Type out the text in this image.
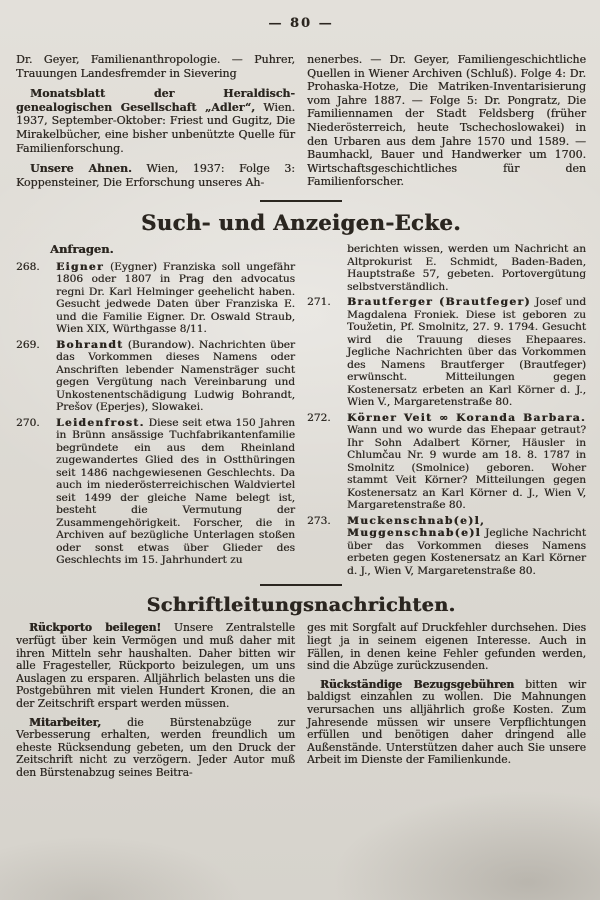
— 80 —

Dr. Geyer, Familienanthropologie. — Puhrer, Trauungen Landesfremder in Sievering

Monatsblatt der Heraldisch-genealogischen Gesellschaft „Adler“, Wien. 1937, September-Oktober: Friest und Gugitz, Die Mirakelbücher, eine bisher unbenützte Quelle für Familienforschung.

Unsere Ahnen. Wien, 1937: Folge 3: Koppensteiner, Die Erforschung unseres Ah-

nenerbes. — Dr. Geyer, Familiengeschichtliche Quellen in Wiener Archiven (Schluß). Folge 4: Dr. Prohaska-Hotze, Die Matriken-Inventarisierung vom Jahre 1887. — Folge 5: Dr. Pongratz, Die Familiennamen der Stadt Feldsberg (früher Niederösterreich, heute Tschechoslowakei) in den Urbaren aus dem Jahre 1570 und 1589. — Baumhackl, Bauer und Handwerker um 1700. Wirtschaftsgeschichtliches für den Familienforscher.

Such- und Anzeigen-Ecke.
Anfragen.
268. Eigner (Eygner) Franziska soll ungefähr 1806 oder 1807 in Prag den advocatus regni Dr. Karl Helminger geehelicht haben. Gesucht jedwede Daten über Franziska E. und die Familie Eigner. Dr. Oswald Straub, Wien XIX, Würthgasse 8/11.
269. Bohrandt (Burandow). Nachrichten über das Vorkommen dieses Namens oder Anschriften lebender Namensträger sucht gegen Vergütung nach Vereinbarung und Unkostenentschädigung Ludwig Bohrandt, Prešov (Eperjes), Slowakei.
270. Leidenfrost. Diese seit etwa 150 Jahren in Brünn ansässige Tuchfabrikantenfamilie begründete ein aus dem Rheinland zugewandertes Glied des in Ostthüringen seit 1486 nachgewiesenen Geschlechts. Da auch im niederösterreichischen Waldviertel seit 1499 der gleiche Name belegt ist, besteht die Vermutung der Zusammengehörigkeit. Forscher, die in Archiven auf bezügliche Unterlagen stoßen oder sonst etwas über Glieder des Geschlechts im 15. Jahrhundert zu
berichten wissen, werden um Nachricht an Altprokurist E. Schmidt, Baden-Baden, Hauptstraße 57, gebeten. Portovergütung selbstverständlich.
271. Brautferger (Brautfeger) Josef und Magdalena Froniek. Diese ist geboren zu Toužetin, Pf. Smolnitz, 27. 9. 1794. Gesucht wird die Trauung dieses Ehepaares. Jegliche Nachrichten über das Vorkommen des Namens Brautferger (Brautfeger) erwünscht. Mitteilungen gegen Kostenersatz erbeten an Karl Körner d. J., Wien V., Margaretenstraße 80.
272. Körner Veit ∞ Koranda Barbara. Wann und wo wurde das Ehepaar getraut? Ihr Sohn Adalbert Körner, Häusler in Chlumčau Nr. 9 wurde am 18. 8. 1787 in Smolnitz (Smolnice) geboren. Woher stammt Veit Körner? Mitteilungen gegen Kostenersatz an Karl Körner d. J., Wien V, Margaretenstraße 80.
273. Muckenschnab(e)l, Muggenschnab(e)l Jegliche Nachricht über das Vorkommen dieses Namens erbeten gegen Kostenersatz an Karl Körner d. J., Wien V, Margaretenstraße 80.
Schriftleitungsnachrichten.

Rückporto beilegen! Unsere Zentralstelle verfügt über kein Vermögen und muß daher mit ihren Mitteln sehr haushalten. Daher bitten wir alle Fragesteller, Rückporto beizulegen, um uns Auslagen zu ersparen. Alljährlich belasten uns die Postgebühren mit vielen Hundert Kronen, die an der Zeitschrift erspart werden müssen.

Mitarbeiter, die Bürstenabzüge zur Verbesserung erhalten, werden freundlich um eheste Rücksendung gebeten, um den Druck der Zeitschrift nicht zu verzögern. Jeder Autor muß den Bürstenabzug seines Beitra-

ges mit Sorgfalt auf Druckfehler durchsehen. Dies liegt ja in seinem eigenen Interesse. Auch in Fällen, in denen keine Fehler gefunden werden, sind die Abzüge zurückzusenden.

Rückständige Bezugsgebühren bitten wir baldigst einzahlen zu wollen. Die Mahnungen verursachen uns alljährlich große Kosten. Zum Jahresende müssen wir unsere Verpflichtungen erfüllen und benötigen daher dringend alle Außenstände. Unterstützen daher auch Sie unsere Arbeit im Dienste der Familienkunde.
